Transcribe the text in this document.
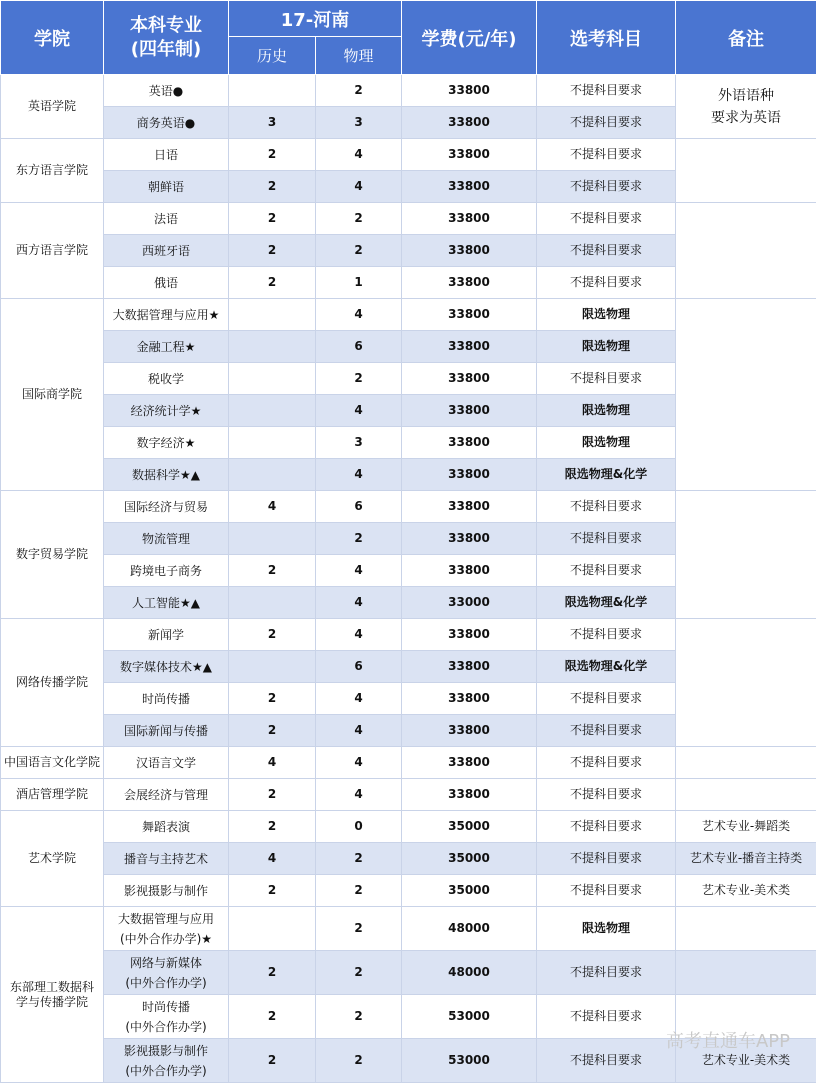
学院	本科专业
(四年制)	17-河南		学费(元/年)	选考科目	备注
		历史	物理			
英语学院	英语●		2	33800	不提科目要求	外语语种
要求为英语
	商务英语●	3	3	33800	不提科目要求	
东方语言学院	日语	2	4	33800	不提科目要求	
	朝鲜语	2	4	33800	不提科目要求	
西方语言学院	法语	2	2	33800	不提科目要求	
	西班牙语	2	2	33800	不提科目要求	
	俄语	2	1	33800	不提科目要求	
国际商学院	大数据管理与应用★		4	33800	限选物理	
	金融工程★		6	33800	限选物理	
	税收学		2	33800	不提科目要求	
	经济统计学★		4	33800	限选物理	
	数字经济★		3	33800	限选物理	
	数据科学★▲		4	33800	限选物理&化学	
数字贸易学院	国际经济与贸易	4	6	33800	不提科目要求	
	物流管理		2	33800	不提科目要求	
	跨境电子商务	2	4	33800	不提科目要求	
	人工智能★▲		4	33000	限选物理&化学	
网络传播学院	新闻学	2	4	33800	不提科目要求	
	数字媒体技术★▲		6	33800	限选物理&化学	
	时尚传播	2	4	33800	不提科目要求	
	国际新闻与传播	2	4	33800	不提科目要求	
中国语言文化学院	汉语言文学	4	4	33800	不提科目要求	
酒店管理学院	会展经济与管理	2	4	33800	不提科目要求	
艺术学院	舞蹈表演	2	0	35000	不提科目要求	艺术专业-舞蹈类
	播音与主持艺术	4	2	35000	不提科目要求	艺术专业-播音主持类
	影视摄影与制作	2	2	35000	不提科目要求	艺术专业-美术类
东部理工数据科
学与传播学院	大数据管理与应用
(中外合作办学)★		2	48000	限选物理	
	网络与新媒体
(中外合作办学)	2	2	48000	不提科目要求	
	时尚传播
(中外合作办学)	2	2	53000	不提科目要求	
	影视摄影与制作
(中外合作办学)	2	2	53000	不提科目要求	艺术专业-美术类
高考直通车APP
